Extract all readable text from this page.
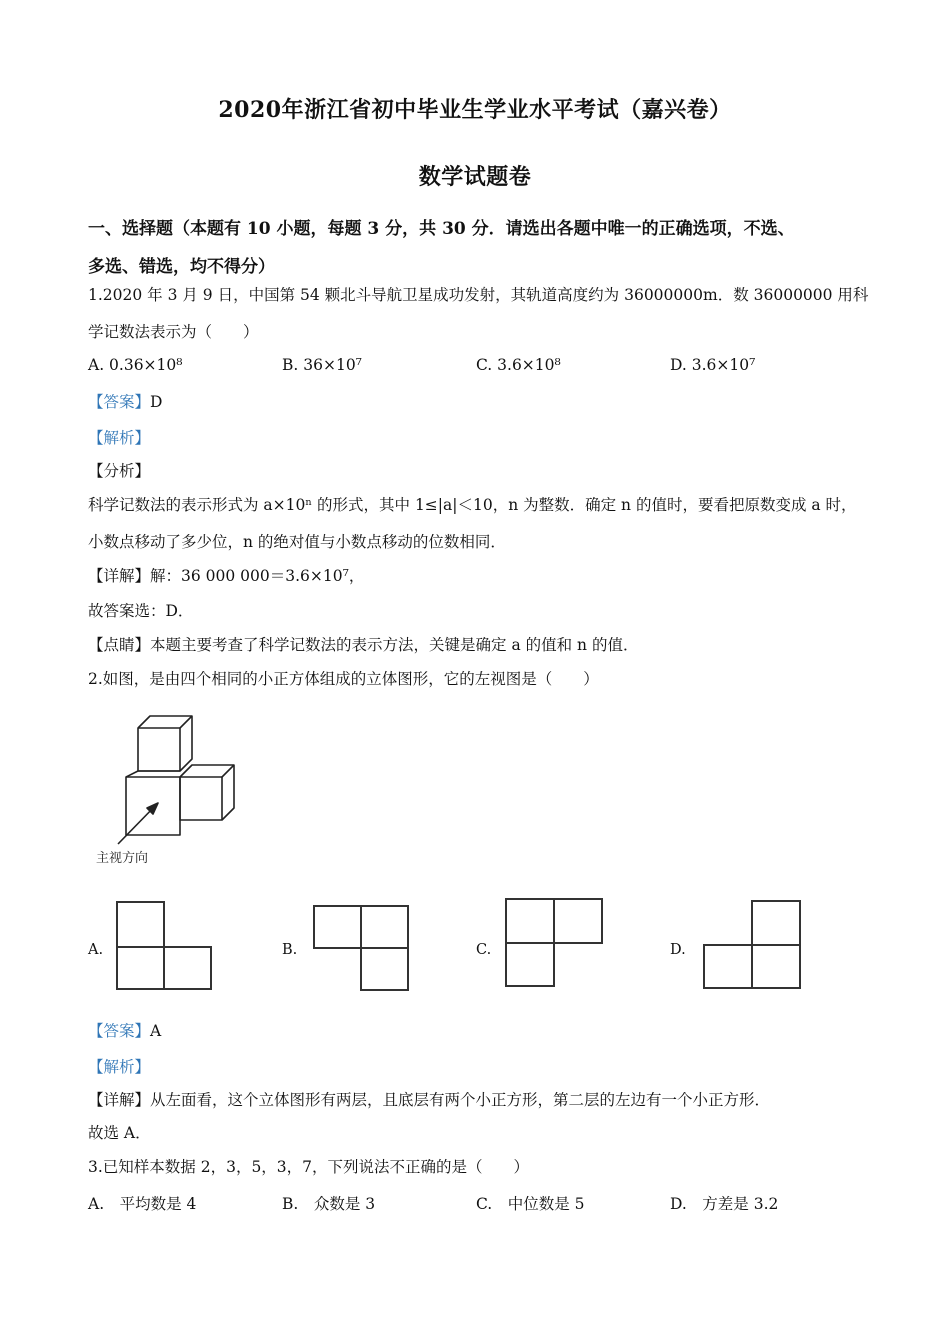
2020年浙江省初中毕业生学业水平考试（嘉兴卷）
数学试题卷
一、选择题（本题有 10 小题，每题 3 分，共 30 分．请选出各题中唯一的正确选项，不选、
多选、错选，均不得分）
1.2020 年 3 月 9 日，中国第 54 颗北斗导航卫星成功发射，其轨道高度约为 36000000m．数 36000000 用科
学记数法表示为（　　）
A. 0.36×10⁸	B. 36×10⁷	C. 3.6×10⁸	D. 3.6×10⁷
【答案】D
【解析】
【分析】
科学记数法的表示形式为 a×10ⁿ 的形式，其中 1≤|a|＜10，n 为整数．确定 n 的值时，要看把原数变成 a 时，
小数点移动了多少位，n 的绝对值与小数点移动的位数相同．
【详解】解：36 000 000＝3.6×10⁷，
故答案选：D．
【点睛】本题主要考查了科学记数法的表示方法，关键是确定 a 的值和 n 的值．
2.如图，是由四个相同的小正方体组成的立体图形，它的左视图是（　　）
主视方向
A.	B.	C.	D.
【答案】A
【解析】
【详解】从左面看，这个立体图形有两层，且底层有两个小正方形，第二层的左边有一个小正方形．
故选 A．
3.已知样本数据 2，3，5，3，7，下列说法不正确的是（　　）
A.　平均数是 4	B.　众数是 3	C.　中位数是 5	D.　方差是 3.2
